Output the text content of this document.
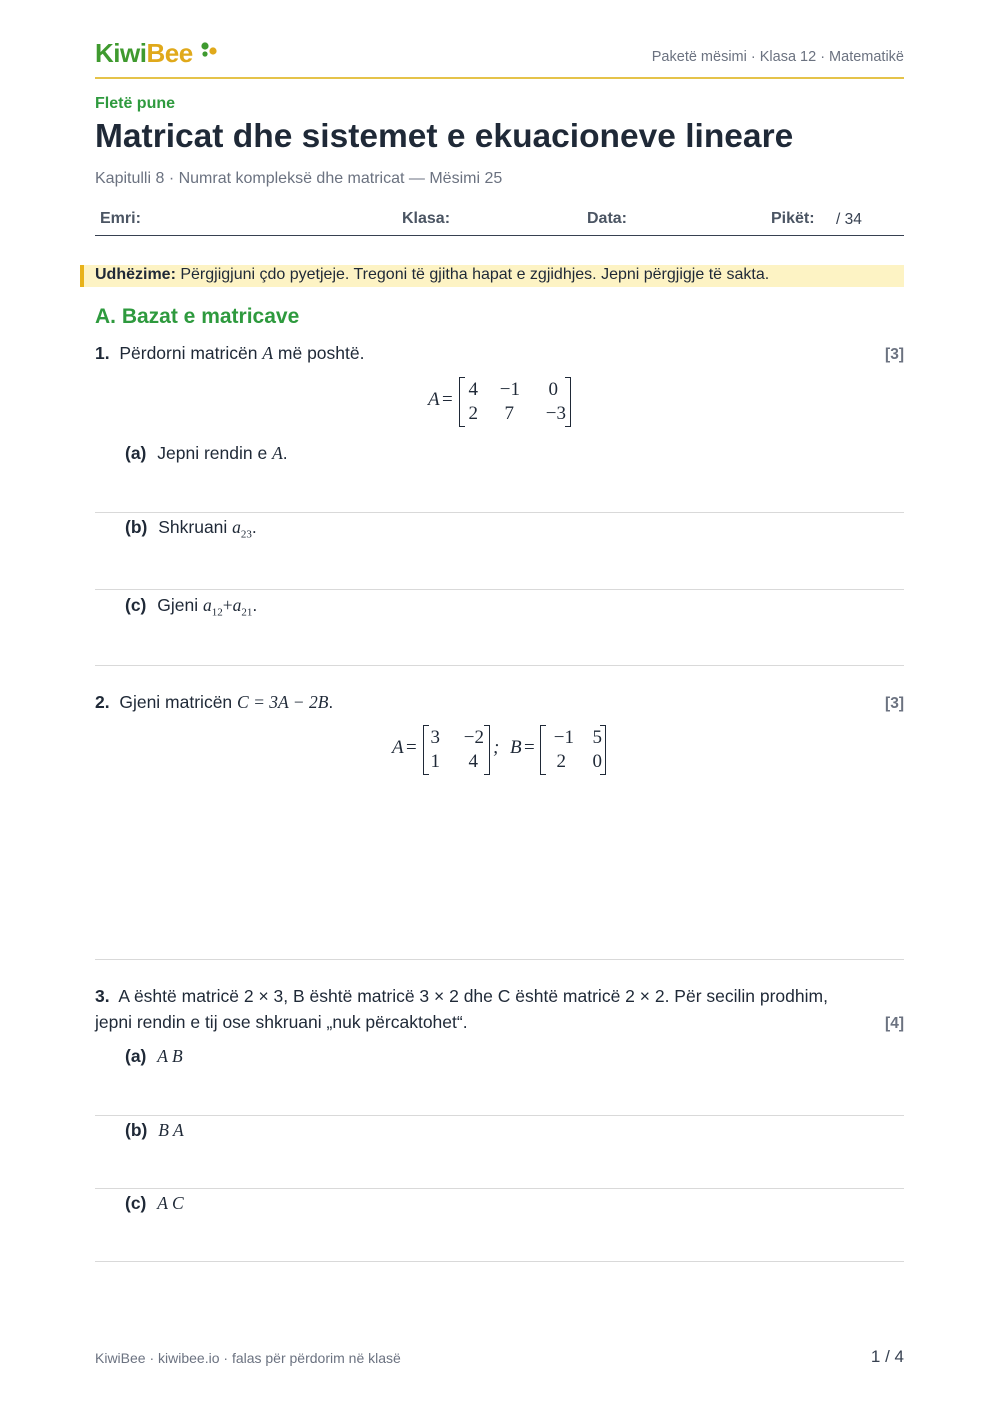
KiwiBee	Paketë mësimi · Klasa 12 · Matematikë
Fletë pune
Matricat dhe sistemet e ekuacioneve lineare
Kapitulli 8 · Numrat kompleksë dhe matricat — Mësimi 25
Emri:	Klasa:	Data:	Pikët: / 34
Udhëzime: Përgjigjuni çdo pyetjeje. Tregoni të gjitha hapat e zgjidhjes. Jepni përgjigje të sakta.
A. Bazat e matricave
1. Përdorni matricën A më poshtë.	[3]
A = 4	−1	0
2	7	−3
(a) Jepni rendin e A.
(b) Shkruani $a_{23}$.
(c) Gjeni $a_{12}+a_{21}$.
2. Gjeni matricën C = 3A − 2B.	[3]
A = 3	−2
1	4
; B =	−1 5
2 0
3. A është matricë 2 × 3, B është matricë 3 × 2 dhe C është matricë 2 × 2. Për secilin prodhim,
jepni rendin e tij ose shkruani „nuk përcaktohet“.	[4]
(a) A B
(b) B A
(c) A C
KiwiBee · kiwibee.io · falas për përdorim në klasë	1 / 4
